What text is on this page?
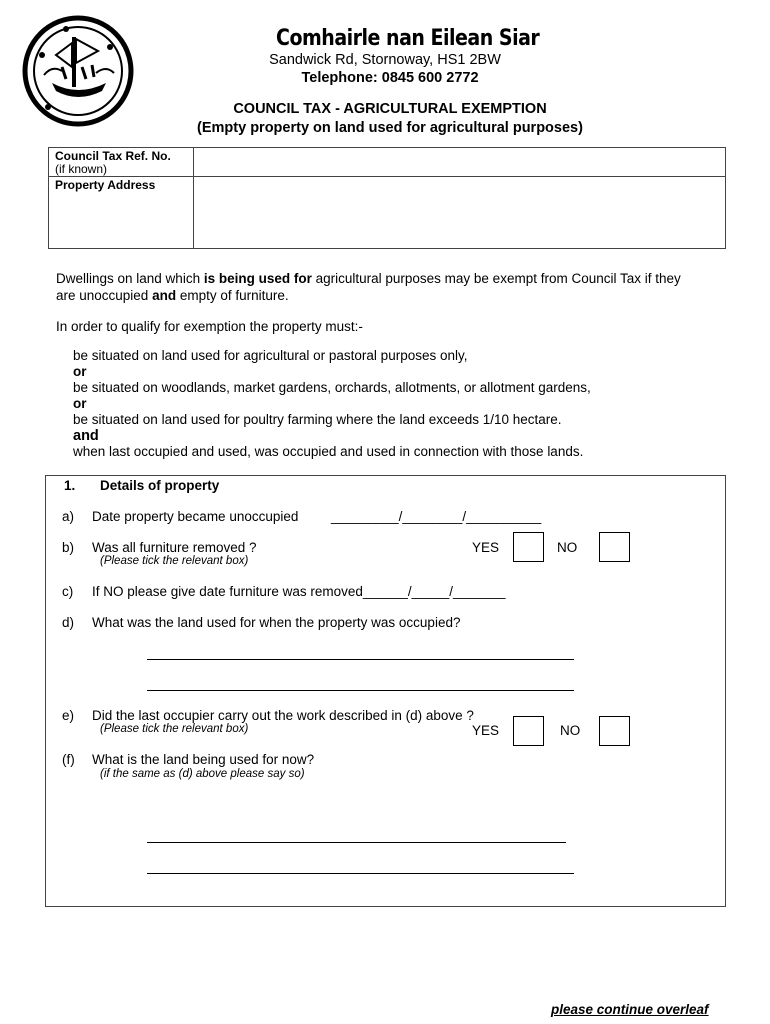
Comhairle nan Eilean Siar
Sandwick Rd, Stornoway, HS1 2BW
Telephone: 0845 600 2772
COUNCIL TAX - AGRICULTURAL EXEMPTION
(Empty property on land used for agricultural purposes)
Council Tax Ref. No.
(if known)
Property Address
Dwellings on land which is being used for agricultural purposes may be exempt from Council Tax if they
are unoccupied and empty of furniture.
In order to qualify for exemption the property must:-
be situated on land used for agricultural or pastoral purposes only,
or
be situated on woodlands, market gardens, orchards, allotments, or allotment gardens,
or
be situated on land used for poultry farming where the land exceeds 1/10 hectare.
and
when last occupied and used, was occupied and used in connection with those lands.
1. Details of property
a) Date property became unoccupied _________/________/__________
b) Was all furniture removed ?
(Please tick the relevant box)
YES	NO
c) If NO please give date furniture was removed______/_____/_______
d) What was the land used for when the property was occupied?
e) Did the last occupier carry out the work described in (d) above ?
(Please tick the relevant box)	YES	NO
(f) What is the land being used for now?
(if the same as (d) above please say so)
please continue overleaf
